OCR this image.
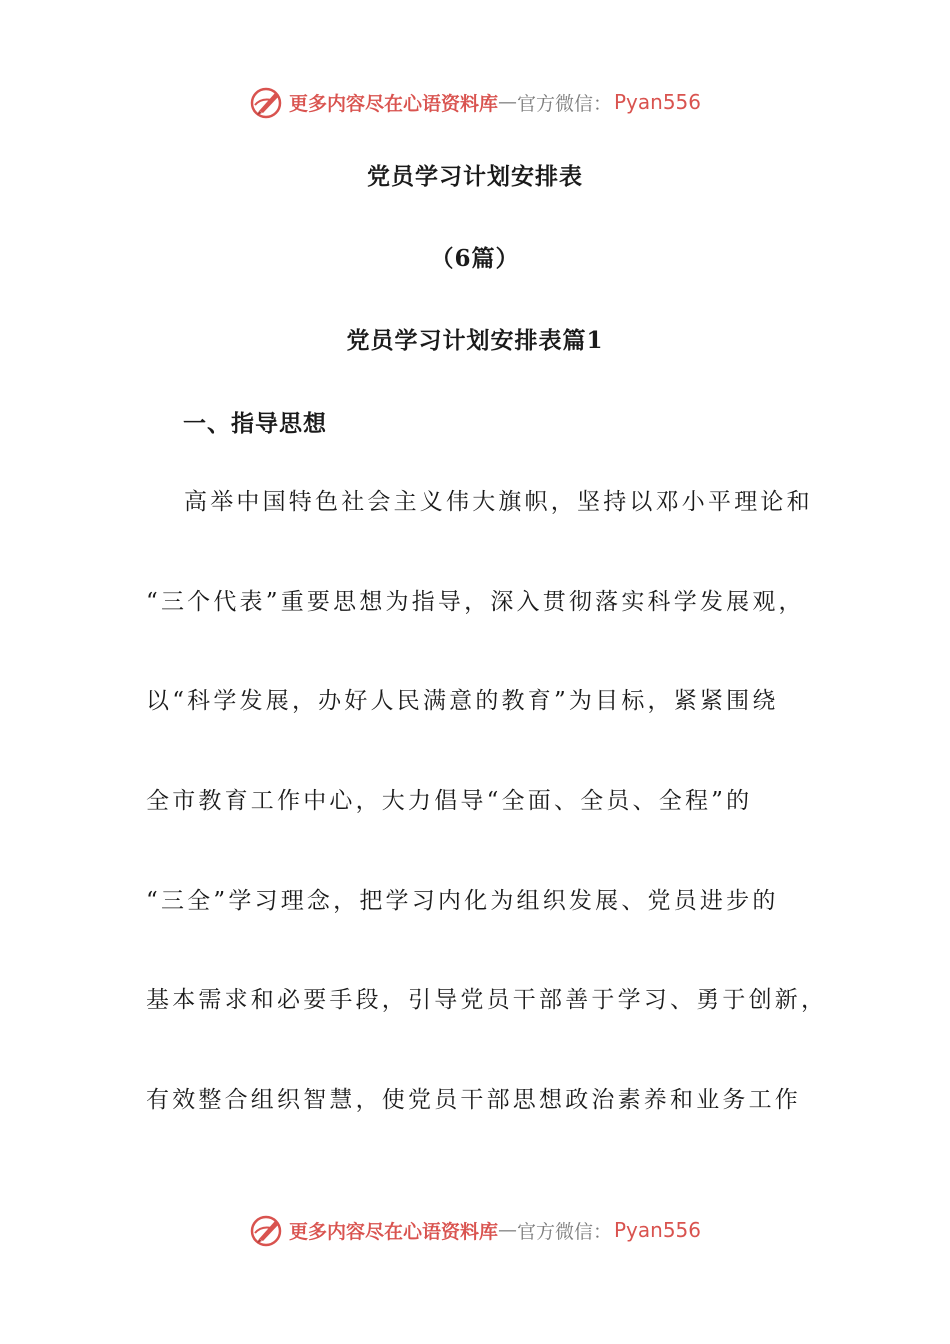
更多内容尽在心语资料库 — 官方微信： Pyan556
党员学习计划安排表
（6篇）
党员学习计划安排表篇1
一、指导思想
高举中国特色社会主义伟大旗帜，坚持以邓小平理论和
“三个代表”重要思想为指导，深入贯彻落实科学发展观，
以“科学发展，办好人民满意的教育”为目标，紧紧围绕
全市教育工作中心，大力倡导“全面、全员、全程”的
“三全”学习理念，把学习内化为组织发展、党员进步的
基本需求和必要手段，引导党员干部善于学习、勇于创新，
有效整合组织智慧，使党员干部思想政治素养和业务工作
更多内容尽在心语资料库 — 官方微信： Pyan556
